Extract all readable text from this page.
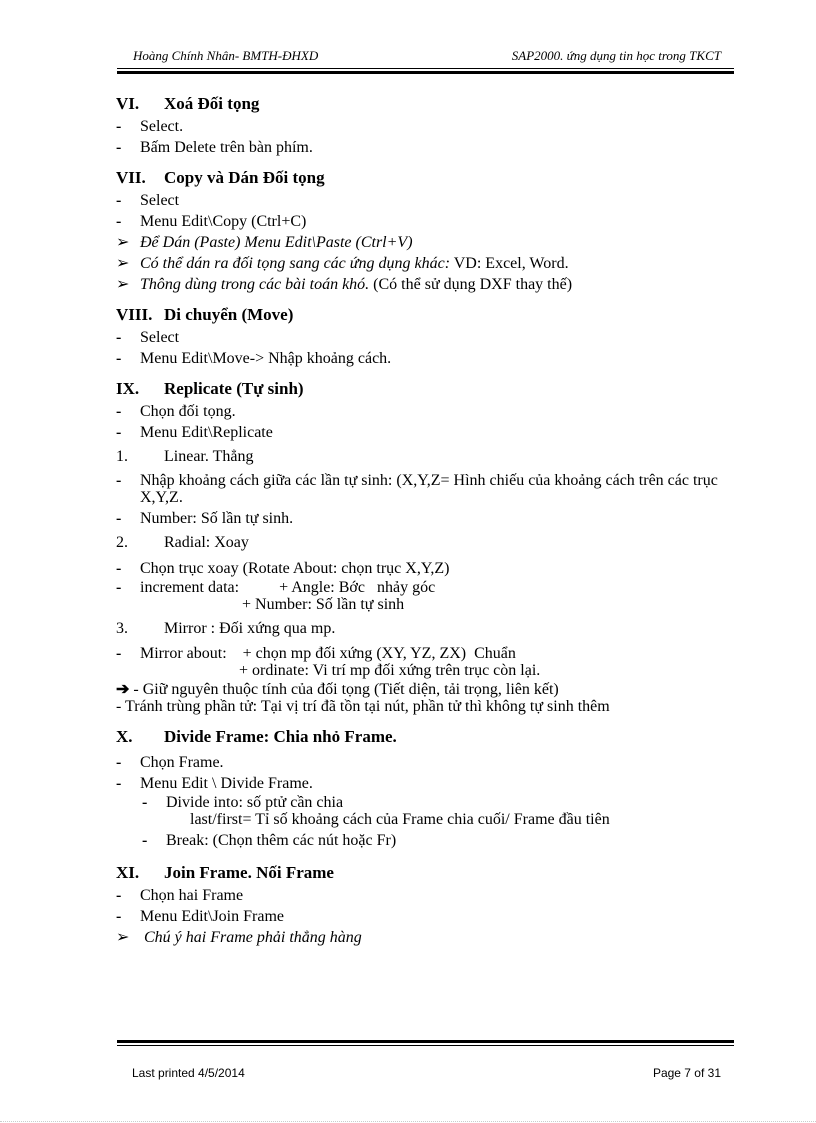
Hoàng Chính Nhân- BMTH-ĐHXD	SAP2000. ứng dụng tin học trong TKCT
VI. Xoá Đối tọng
-	Select.
-	Bấm Delete trên bàn phím.
VII. Copy và Dán Đối tọng
-	Select
-	Menu Edit\Copy (Ctrl+C)
➢ Để Dán (Paste) Menu Edit\Paste (Ctrl+V)
➢ Có thể dán ra đối tọng sang các ứng dụng khác: VD: Excel, Word.
➢ Thông dùng trong các bài toán khó. (Có thể sử dụng DXF thay thế)
VIII. Di chuyển (Move)
-	Select
-	Menu Edit\Move-> Nhập khoảng cách.
IX. Replicate (Tự sinh)
-	Chọn đối tọng.
-	Menu Edit\Replicate
1. Linear. Thẳng
-	Nhập khoảng cách giữa các lần tự sinh: (X,Y,Z= Hình chiếu của khoảng cách trên các trục X,Y,Z.
-	Number: Số lần tự sinh.
2. Radial: Xoay
-	Chọn trục xoay (Rotate About: chọn trục X,Y,Z)
-	increment data:          + Angle: Bớc   nhảy góc
+ Number: Số lần tự sinh
3. Mirror : Đối xứng qua mp.
-	Mirror about:    + chọn mp đối xứng (XY, YZ, ZX)  Chuẩn
+ ordinate: Vi trí mp đối xứng trên trục còn lại.
➔ - Giữ nguyên thuộc tính của đối tọng (Tiết diện, tải trọng, liên kết)
- Tránh trùng phần tử: Tại vị trí đã tồn tại nút, phần tử thì không tự sinh thêm
X. Divide Frame: Chia nhỏ Frame.
-	Chọn Frame.
-	Menu Edit \ Divide Frame.
-	Divide into: số ptử cần chia
last/first= Tỉ số khoảng cách của Frame chia cuối/ Frame đầu tiên
-	Break: (Chọn thêm các nút hoặc Fr)
XI. Join Frame. Nối Frame
-	Chọn hai Frame
-	Menu Edit\Join Frame
➢ Chú ý hai Frame phải thẳng hàng
Last printed 4/5/2014	Page 7 of 31
